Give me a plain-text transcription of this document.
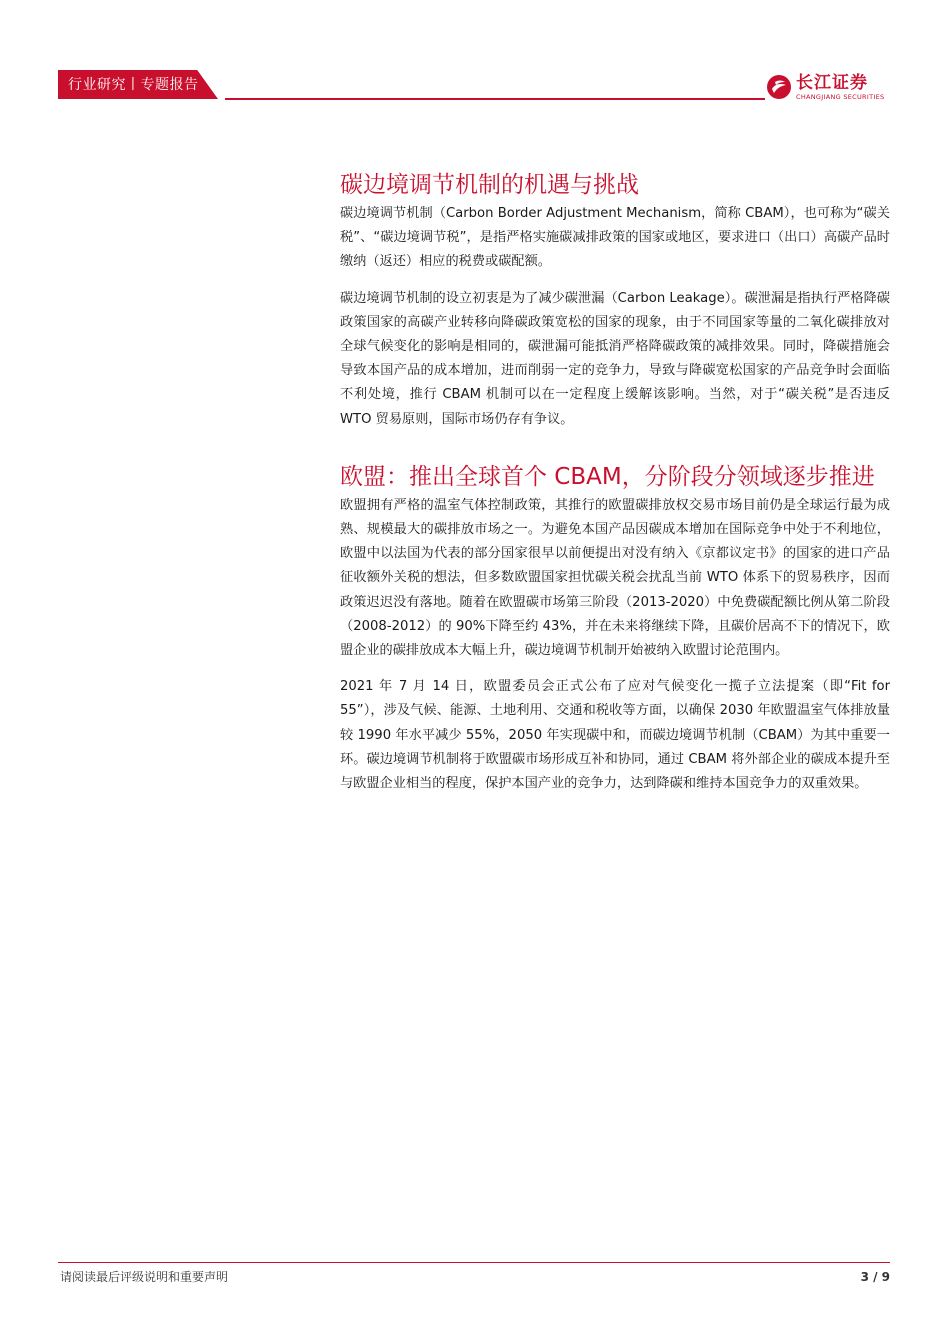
行业研究丨专题报告	长江证券
CHANGJIANG SECURITIES
碳边境调节机制的机遇与挑战

碳边境调节机制（Carbon Border Adjustment Mechanism，简称 CBAM），也可称为“碳关税”、“碳边境调节税”，是指严格实施碳减排政策的国家或地区，要求进口（出口）高碳产品时缴纳（返还）相应的税费或碳配额。

碳边境调节机制的设立初衷是为了减少碳泄漏（Carbon Leakage）。碳泄漏是指执行严格降碳政策国家的高碳产业转移向降碳政策宽松的国家的现象，由于不同国家等量的二氧化碳排放对全球气候变化的影响是相同的，碳泄漏可能抵消严格降碳政策的减排效果。同时，降碳措施会导致本国产品的成本增加，进而削弱一定的竞争力，导致与降碳宽松国家的产品竞争时会面临不利处境，推行 CBAM 机制可以在一定程度上缓解该影响。当然，对于“碳关税”是否违反 WTO 贸易原则，国际市场仍存有争议。

欧盟：推出全球首个 CBAM，分阶段分领域逐步推进

欧盟拥有严格的温室气体控制政策，其推行的欧盟碳排放权交易市场目前仍是全球运行最为成熟、规模最大的碳排放市场之一。为避免本国产品因碳成本增加在国际竞争中处于不利地位，欧盟中以法国为代表的部分国家很早以前便提出对没有纳入《京都议定书》的国家的进口产品征收额外关税的想法，但多数欧盟国家担忧碳关税会扰乱当前 WTO 体系下的贸易秩序，因而政策迟迟没有落地。随着在欧盟碳市场第三阶段（2013-2020）中免费碳配额比例从第二阶段（2008-2012）的 90%下降至约 43%，并在未来将继续下降，且碳价居高不下的情况下，欧盟企业的碳排放成本大幅上升，碳边境调节机制开始被纳入欧盟讨论范围内。

2021 年 7 月 14 日，欧盟委员会正式公布了应对气候变化一揽子立法提案（即“Fit for 55”），涉及气候、能源、土地利用、交通和税收等方面，以确保 2030 年欧盟温室气体排放量较 1990 年水平减少 55%，2050 年实现碳中和，而碳边境调节机制（CBAM）为其中重要一环。碳边境调节机制将于欧盟碳市场形成互补和协同，通过 CBAM 将外部企业的碳成本提升至与欧盟企业相当的程度，保护本国产业的竞争力，达到降碳和维持本国竞争力的双重效果。

请阅读最后评级说明和重要声明	3 / 9
